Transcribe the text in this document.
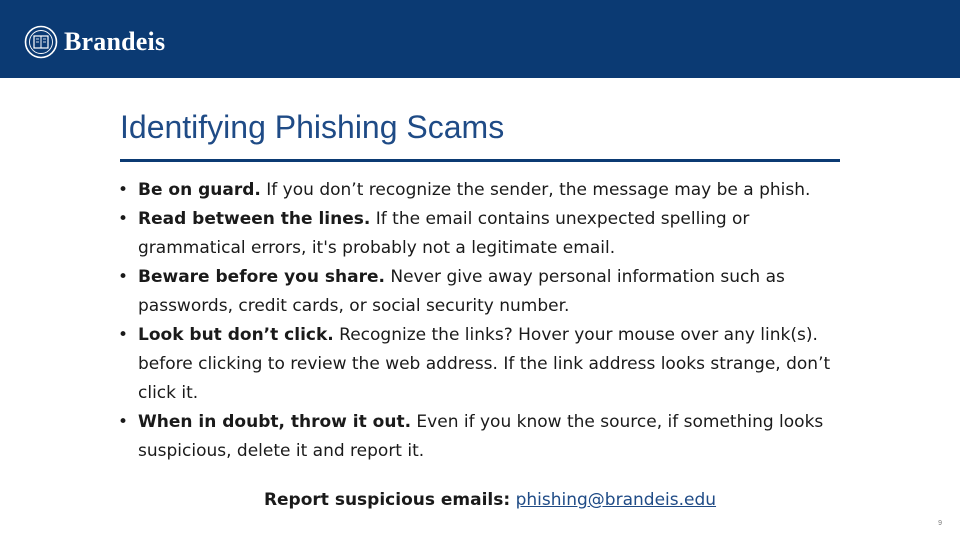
Brandeis
Identifying Phishing Scams
• Be on guard. If you don’t recognize the sender, the message may be a phish.
• Read between the lines. If the email contains unexpected spelling or grammatical errors, it's probably not a legitimate email.
• Beware before you share. Never give away personal information such as passwords, credit cards, or social security number.
• Look but don’t click. Recognize the links? Hover your mouse over any link(s). before clicking to review the web address. If the link address looks strange, don’t click it.
• When in doubt, throw it out. Even if you know the source, if something looks suspicious, delete it and report it.
Report suspicious emails: phishing@brandeis.edu
9
